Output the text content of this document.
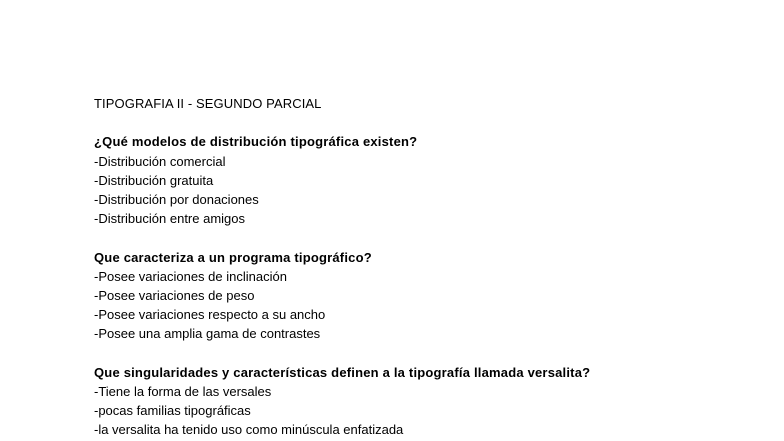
TIPOGRAFIA II - SEGUNDO PARCIAL
¿Qué modelos de distribución tipográfica existen?
-Distribución comercial
-Distribución gratuita
-Distribución por donaciones
-Distribución entre amigos
Que caracteriza a un programa tipográfico?
-Posee variaciones de inclinación
-Posee variaciones de peso
-Posee variaciones respecto a su ancho
-Posee una amplia gama de contrastes
Que singularidades y características definen a la tipografía llamada versalita?
-Tiene la forma de las versales
-pocas familias tipográficas
-la versalita ha tenido uso como minúscula enfatizada
